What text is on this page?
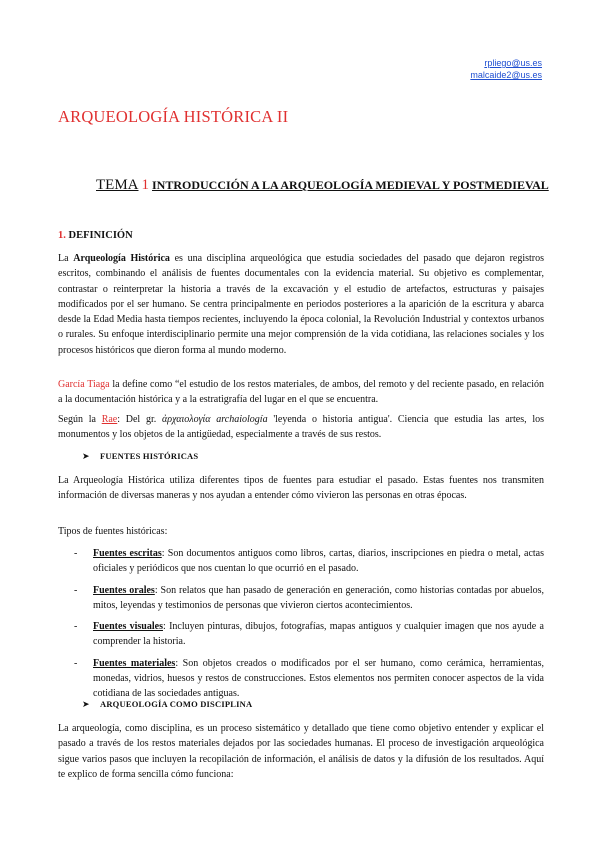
rpliego@us.es
malcaide2@us.es
ARQUEOLOGÍA HISTÓRICA II
TEMA 1 INTRODUCCIÓN A LA ARQUEOLOGÍA MEDIEVAL Y POSTMEDIEVAL
1. DEFINICIÓN

La Arqueología Histórica es una disciplina arqueológica que estudia sociedades del pasado que dejaron registros escritos, combinando el análisis de fuentes documentales con la evidencia material. Su objetivo es complementar, contrastar o reinterpretar la historia a través de la excavación y el estudio de artefactos, estructuras y paisajes modificados por el ser humano. Se centra principalmente en periodos posteriores a la aparición de la escritura y abarca desde la Edad Media hasta tiempos recientes, incluyendo la época colonial, la Revolución Industrial y contextos urbanos o rurales. Su enfoque interdisciplinario permite una mejor comprensión de la vida cotidiana, las relaciones sociales y los procesos históricos que dieron forma al mundo moderno.

García Tiaga la define como “el estudio de los restos materiales, de ambos, del remoto y del reciente pasado, en relación a la documentación histórica y a la estratigrafía del lugar en el que se encuentra.

Según la Rae: Del gr. ἀρχαιολογία archaiología 'leyenda o historia antigua'. Ciencia que estudia las artes, los monumentos y los objetos de la antigüedad, especialmente a través de sus restos.

➤ FUENTES HISTÓRICAS

La Arqueología Histórica utiliza diferentes tipos de fuentes para estudiar el pasado. Estas fuentes nos transmiten información de diversas maneras y nos ayudan a entender cómo vivieron las personas en otras épocas.

Tipos de fuentes históricas:

- Fuentes escritas: Son documentos antiguos como libros, cartas, diarios, inscripciones en piedra o metal, actas oficiales y periódicos que nos cuentan lo que ocurrió en el pasado.
- Fuentes orales: Son relatos que han pasado de generación en generación, como historias contadas por abuelos, mitos, leyendas y testimonios de personas que vivieron ciertos acontecimientos.
- Fuentes visuales: Incluyen pinturas, dibujos, fotografías, mapas antiguos y cualquier imagen que nos ayude a comprender la historia.
- Fuentes materiales: Son objetos creados o modificados por el ser humano, como cerámica, herramientas, monedas, vidrios, huesos y restos de construcciones. Estos elementos nos permiten conocer aspectos de la vida cotidiana de las sociedades antiguas.

➤ ARQUEOLOGÍA COMO DISCIPLINA

La arqueología, como disciplina, es un proceso sistemático y detallado que tiene como objetivo entender y explicar el pasado a través de los restos materiales dejados por las sociedades humanas. El proceso de investigación arqueológica sigue varios pasos que incluyen la recopilación de información, el análisis de datos y la difusión de los resultados. Aquí te explico de forma sencilla cómo funciona:
